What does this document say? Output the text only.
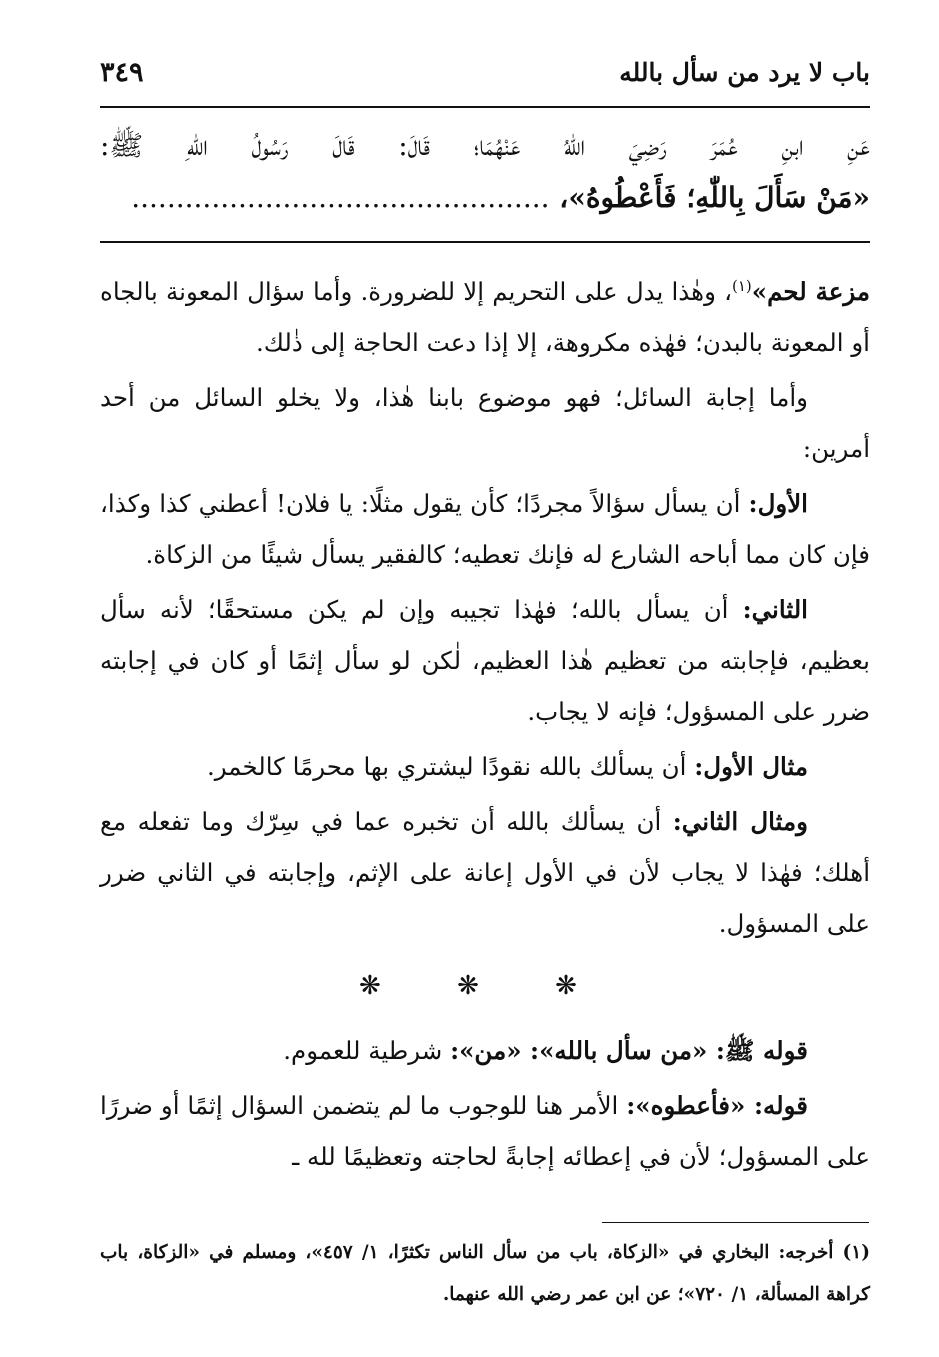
باب لا يرد من سأل بالله
٣٤٩
عَنِ ابنِ عُمَرَ رَضِيَ اللّٰهُ عَنْهُمَا؛ قَالَ: قَالَ رَسُولُ اللّٰهِ ﷺ:
«مَنْ سَأَلَ بِاللّٰهِ؛ فَأَعْطُوهُ»، ...............................................

مزعة لحم»$^{(١)}$، وهٰذا يدل على التحريم إلا للضرورة. وأما سؤال المعونة بالجاه أو المعونة بالبدن؛ فهٰذه مكروهة، إلا إذا دعت الحاجة إلى ذٰلك.

وأما إجابة السائل؛ فهو موضوع بابنا هٰذا، ولا يخلو السائل من أحد أمرين:

الأول: أن يسأل سؤالاً مجردًا؛ كأن يقول مثلًا: يا فلان! أعطني كذا وكذا، فإن كان مما أباحه الشارع له فإنك تعطيه؛ كالفقير يسأل شيئًا من الزكاة.

الثاني: أن يسأل بالله؛ فهٰذا تجيبه وإن لم يكن مستحقًا؛ لأنه سأل بعظيم، فإجابته من تعظيم هٰذا العظيم، لٰكن لو سأل إثمًا أو كان في إجابته ضرر على المسؤول؛ فإنه لا يجاب.

مثال الأول: أن يسألك بالله نقودًا ليشتري بها محرمًا كالخمر.

ومثال الثاني: أن يسألك بالله أن تخبره عما في سِرّك وما تفعله مع أهلك؛ فهٰذا لا يجاب لأن في الأول إعانة على الإثم، وإجابته في الثاني ضرر على المسؤول.

❋ ❋ ❋

قوله ﷺ: «من سأل بالله»: «من»: شرطية للعموم.

قوله: «فأعطوه»: الأمر هنا للوجوب ما لم يتضمن السؤال إثمًا أو ضررًا على المسؤول؛ لأن في إعطائه إجابةً لحاجته وتعظيمًا لله ـ

(١) أخرجه: البخاري في «الزكاة، باب من سأل الناس تكثرًا، ١/ ٤٥٧»، ومسلم في «الزكاة، باب كراهة المسألة، ١/ ٧٢٠»؛ عن ابن عمر رضي الله عنهما.
